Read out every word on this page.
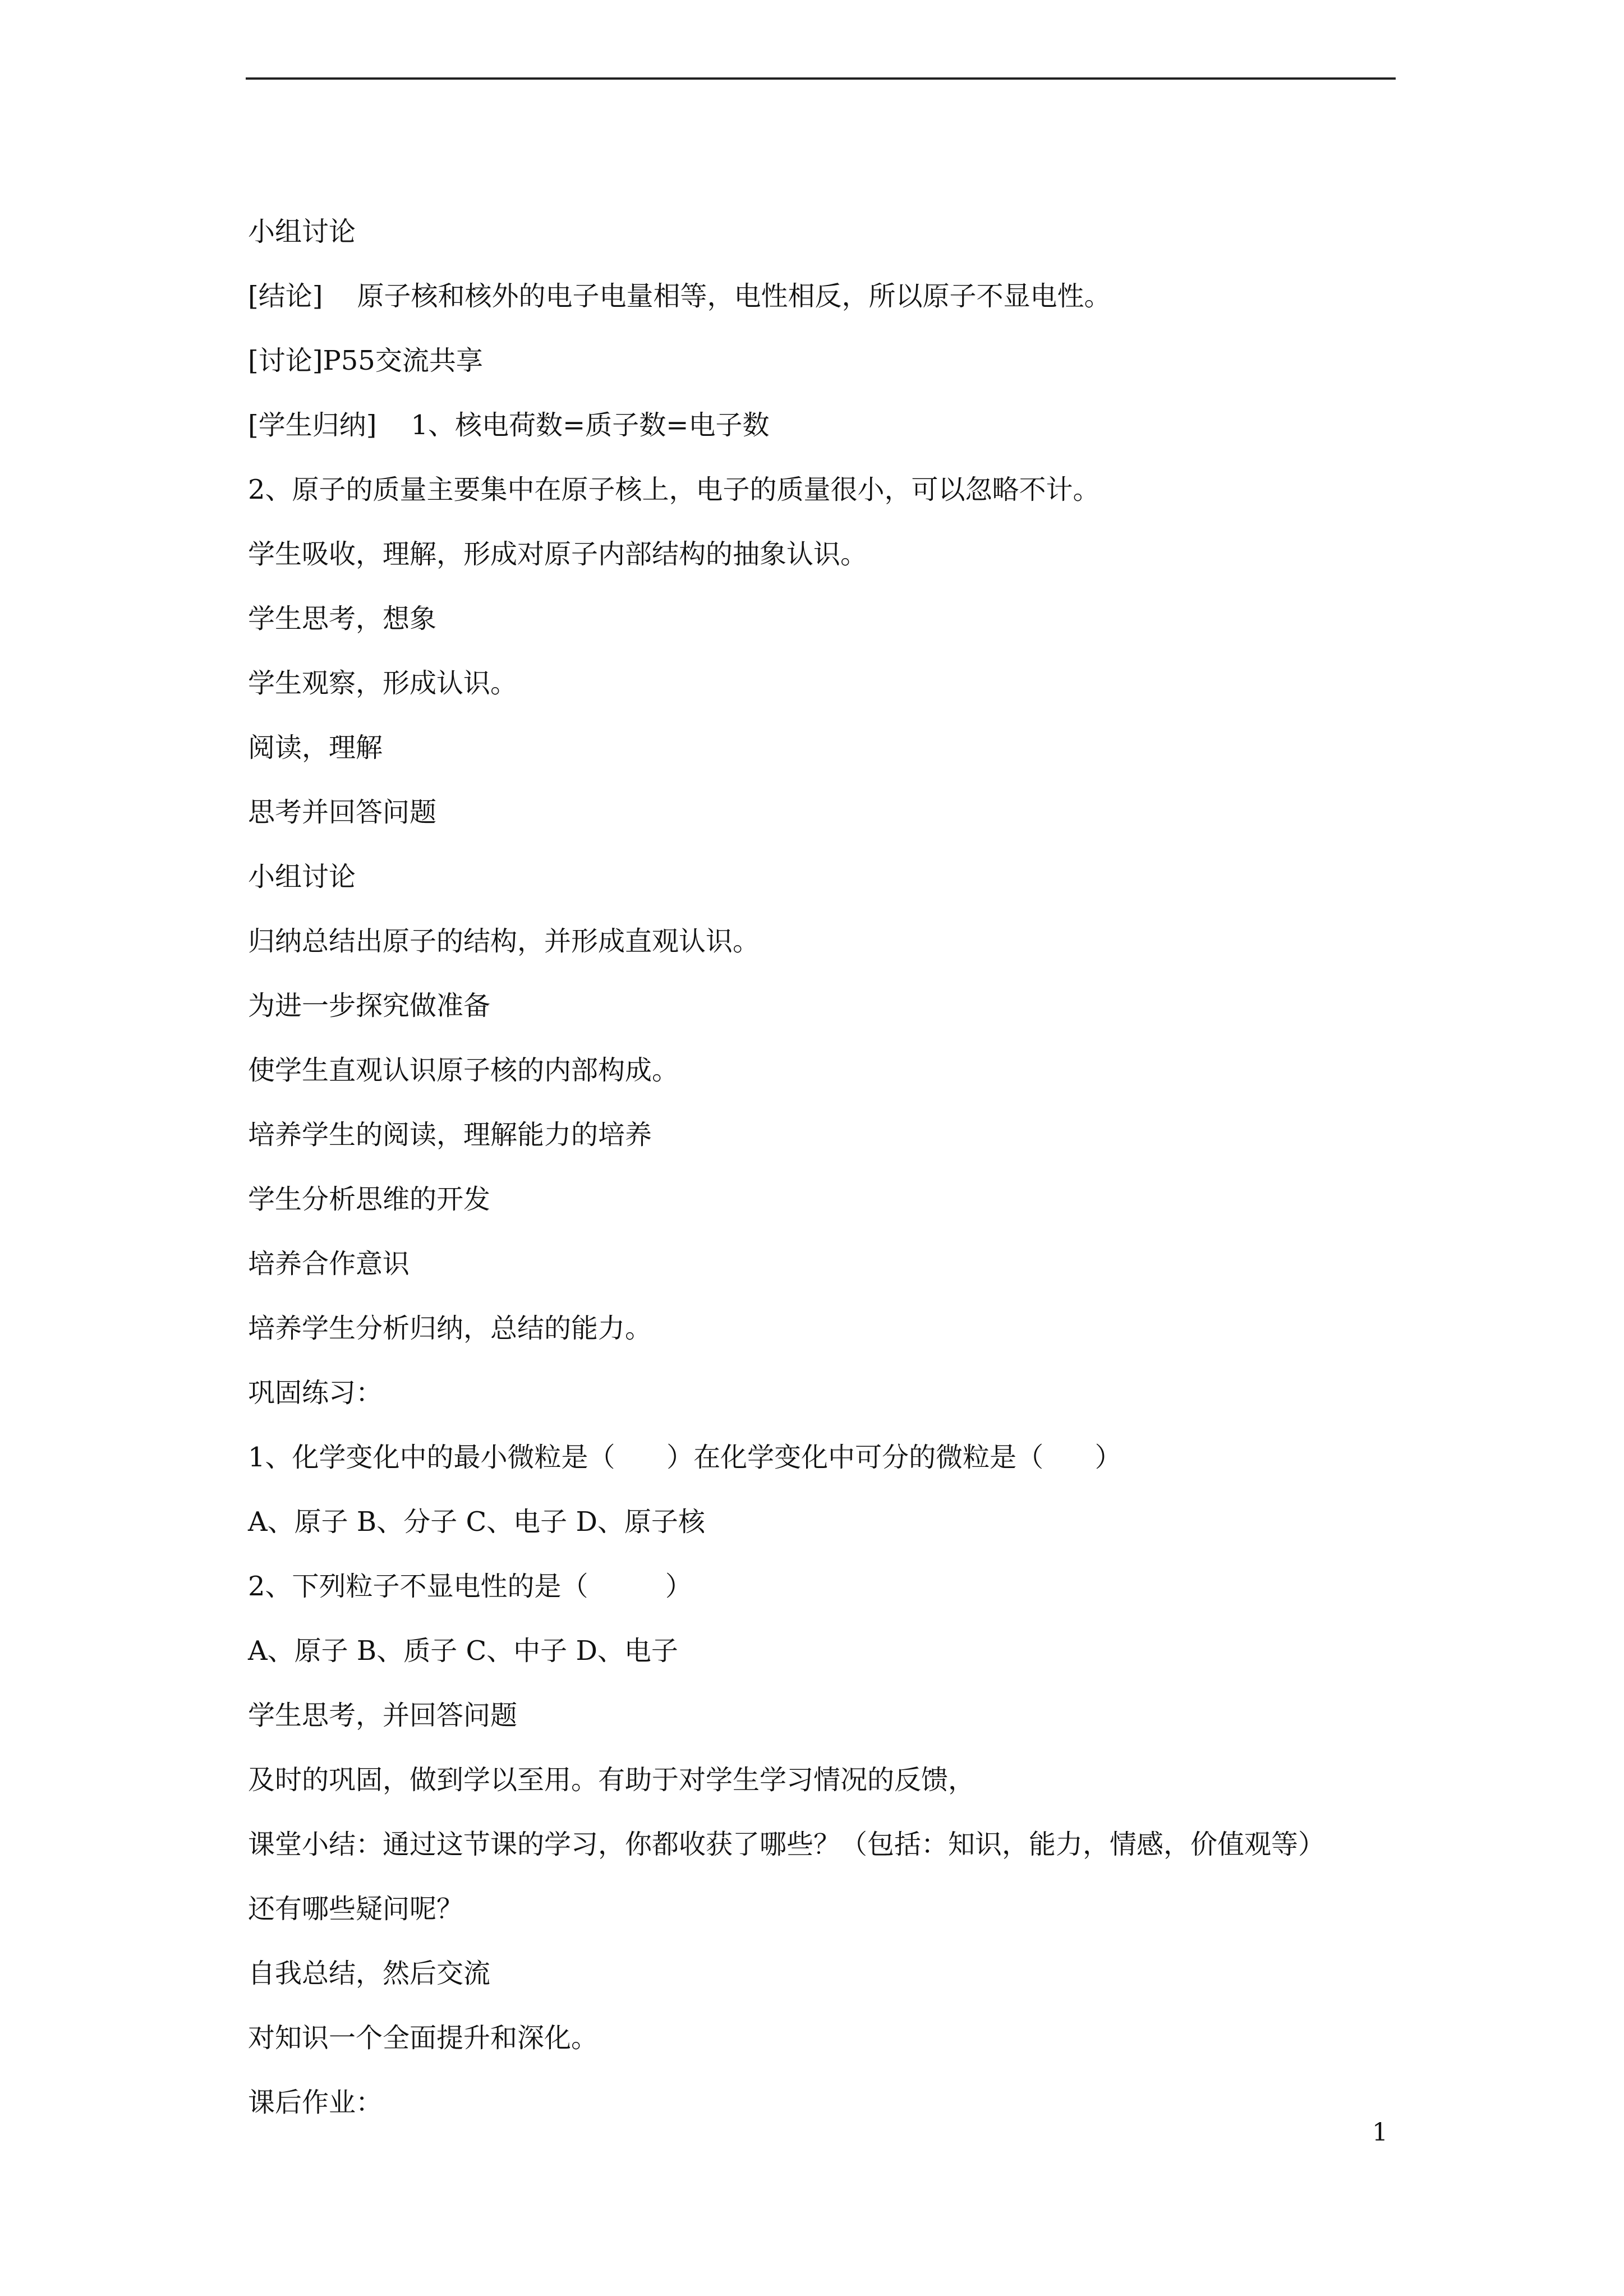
小组讨论
[结论]    原子核和核外的电子电量相等，电性相反，所以原子不显电性。
[讨论]P55交流共享
[学生归纳]    1、核电荷数=质子数=电子数
2、原子的质量主要集中在原子核上，电子的质量很小，可以忽略不计。
学生吸收，理解，形成对原子内部结构的抽象认识。
学生思考，想象
学生观察，形成认识。
阅读，理解
思考并回答问题
小组讨论
归纳总结出原子的结构，并形成直观认识。
为进一步探究做准备
使学生直观认识原子核的内部构成。
培养学生的阅读，理解能力的培养
学生分析思维的开发
培养合作意识
培养学生分析归纳，总结的能力。
巩固练习：
1、化学变化中的最小微粒是（      ）在化学变化中可分的微粒是（      ）
A、原子 B、分子 C、电子 D、原子核
2、下列粒子不显电性的是（         ）
A、原子 B、质子 C、中子 D、电子
学生思考，并回答问题
及时的巩固，做到学以至用。有助于对学生学习情况的反馈，
课堂小结：通过这节课的学习，你都收获了哪些？（包括：知识，能力，情感，价值观等）
还有哪些疑问呢？
自我总结，然后交流
对知识一个全面提升和深化。
课后作业：
1
